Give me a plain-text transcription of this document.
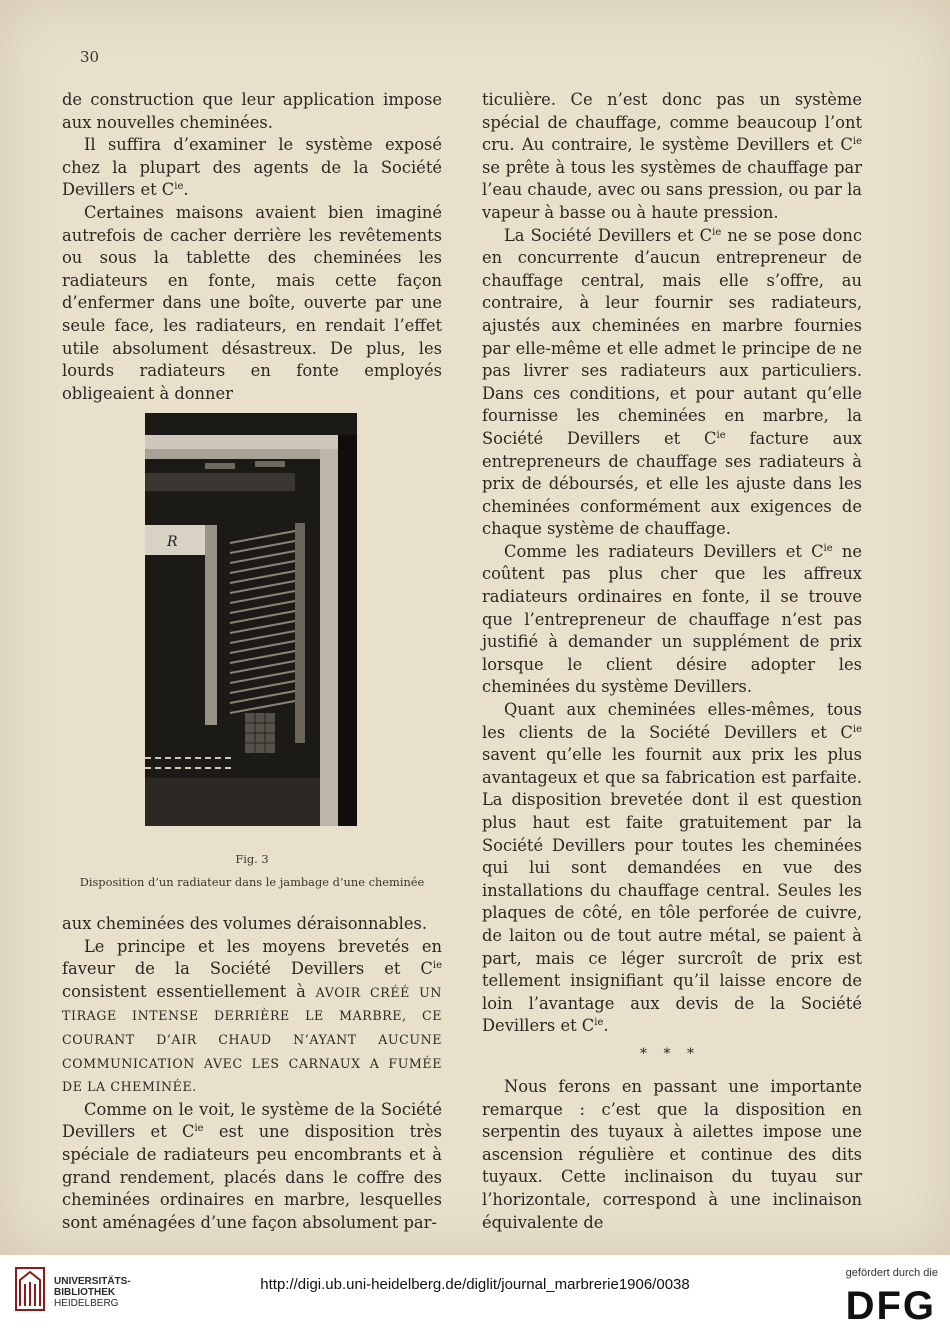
30

de construction que leur application impose aux nouvelles cheminées.

Il suffira d’examiner le système exposé chez la plupart des agents de la Société Devillers et $C^{ie}$.

Certaines maisons avaient bien imaginé autrefois de cacher derrière les revêtements ou sous la tablette des cheminées les radiateurs en fonte, mais cette façon d’enfermer dans une boîte, ouverte par une seule face, les radiateurs, en rendait l’effet utile absolument désastreux. De plus, les lourds radiateurs en fonte employés obligeaient à donner

R
Fig. 3
Disposition d’un radiateur dans le jambage d’une cheminée

aux cheminées des volumes déraisonnables.

Le principe et les moyens brevetés en faveur de la Société Devillers et $C^{ie}$ consistent essentiellement à AVOIR CRÉÉ UN TIRAGE INTENSE DERRIÈRE LE MARBRE, CE COURANT D’AIR CHAUD N’AYANT AUCUNE COMMUNICATION AVEC LES CARNAUX A FUMÉE DE LA CHEMINÉE.

Comme on le voit, le système de la Société Devillers et $C^{ie}$ est une disposition très spéciale de radiateurs peu encombrants et à grand rendement, placés dans le coffre des cheminées ordinaires en marbre, lesquelles sont aménagées d’une façon absolument par-

ticulière. Ce n’est donc pas un système spécial de chauffage, comme beaucoup l’ont cru. Au contraire, le système Devillers et $C^{ie}$ se prête à tous les systèmes de chauffage par l’eau chaude, avec ou sans pression, ou par la vapeur à basse ou à haute pression.

La Société Devillers et $C^{ie}$ ne se pose donc en concurrente d’aucun entrepreneur de chauffage central, mais elle s’offre, au contraire, à leur fournir ses radiateurs, ajustés aux cheminées en marbre fournies par elle-même et elle admet le principe de ne pas livrer ses radiateurs aux particuliers. Dans ces conditions, et pour autant qu’elle fournisse les cheminées en marbre, la Société Devillers et $C^{ie}$ facture aux entrepreneurs de chauffage ses radiateurs à prix de déboursés, et elle les ajuste dans les cheminées conformément aux exigences de chaque système de chauffage.

Comme les radiateurs Devillers et $C^{ie}$ ne coûtent pas plus cher que les affreux radiateurs ordinaires en fonte, il se trouve que l’entrepreneur de chauffage n’est pas justifié à demander un supplément de prix lorsque le client désire adopter les cheminées du système Devillers.

Quant aux cheminées elles-mêmes, tous les clients de la Société Devillers et $C^{ie}$ savent qu’elle les fournit aux prix les plus avantageux et que sa fabrication est parfaite. La disposition brevetée dont il est question plus haut est faite gratuitement par la Société Devillers pour toutes les cheminées qui lui sont demandées en vue des installations du chauffage central. Seules les plaques de côté, en tôle perforée de cuivre, de laiton ou de tout autre métal, se paient à part, mais ce léger surcroît de prix est tellement insignifiant qu’il laisse encore de loin l’avantage aux devis de la Société Devillers et $C^{ie}$.

* * *

Nous ferons en passant une importante remarque : c’est que la disposition en serpentin des tuyaux à ailettes impose une ascension régulière et continue des dits tuyaux. Cette inclinaison du tuyau sur l’horizontale, correspond à une inclinaison équivalente de

UNIVERSITÄTS-
BIBLIOTHEK
HEIDELBERG
http://digi.ub.uni-heidelberg.de/diglit/journal_marbrerie1906/0038
gefördert durch die
DFG
